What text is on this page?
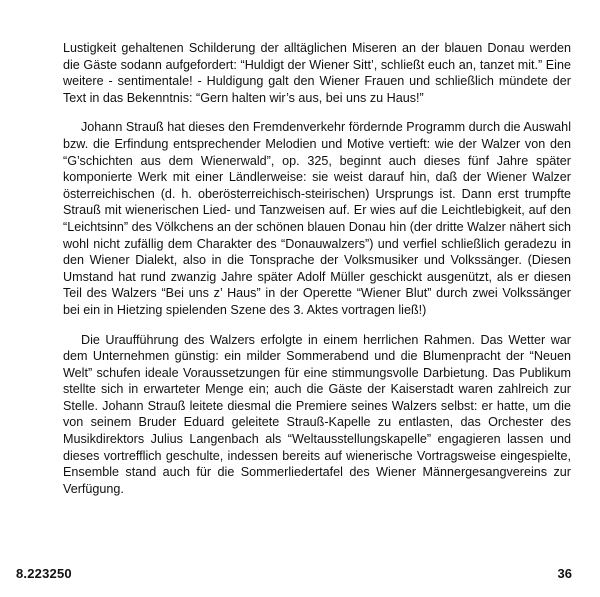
Lustigkeit gehaltenen Schilderung der alltäglichen Miseren an der blauen Donau werden die Gäste sodann aufgefordert: “Huldigt der Wiener Sitt’, schließt euch an, tanzet mit.” Eine weitere - sentimentale! - Huldigung galt den Wiener Frauen und schließlich mündete der Text in das Bekenntnis: “Gern halten wir’s aus, bei uns zu Haus!”

Johann Strauß hat dieses den Fremdenverkehr fördernde Programm durch die Auswahl bzw. die Erfindung entsprechender Melodien und Motive vertieft: wie der Walzer von den “G’schichten aus dem Wienerwald”, op. 325, beginnt auch dieses fünf Jahre später komponierte Werk mit einer Ländlerweise: sie weist darauf hin, daß der Wiener Walzer österreichischen (d. h. oberösterreichisch-steirischen) Ursprungs ist. Dann erst trumpfte Strauß mit wienerischen Lied- und Tanzweisen auf. Er wies auf die Leichtlebigkeit, auf den “Leichtsinn” des Völkchens an der schönen blauen Donau hin (der dritte Walzer nähert sich wohl nicht zufällig dem Charakter des “Donauwalzers”) und verfiel schließlich geradezu in den Wiener Dialekt, also in die Tonsprache der Volksmusiker und Volkssänger. (Diesen Umstand hat rund zwanzig Jahre später Adolf Müller geschickt ausgenützt, als er diesen Teil des Walzers “Bei uns z’ Haus” in der Operette “Wiener Blut” durch zwei Volkssänger bei ein in Hietzing spielenden Szene des 3. Aktes vortragen ließ!)

Die Uraufführung des Walzers erfolgte in einem herrlichen Rahmen. Das Wetter war dem Unternehmen günstig: ein milder Sommerabend und die Blumenpracht der “Neuen Welt” schufen ideale Voraussetzungen für eine stimmungsvolle Darbietung. Das Publikum stellte sich in erwarteter Menge ein; auch die Gäste der Kaiserstadt waren zahlreich zur Stelle. Johann Strauß leitete diesmal die Premiere seines Walzers selbst: er hatte, um die von seinem Bruder Eduard geleitete Strauß-Kapelle zu entlasten, das Orchester des Musikdirektors Julius Langenbach als “Weltausstellungskapelle” engagieren lassen und dieses vortrefflich geschulte, indessen bereits auf wienerische Vortragsweise eingespielte, Ensemble stand auch für die Sommerliedertafel des Wiener Männergesangvereins zur Verfügung.

8.223250	36
